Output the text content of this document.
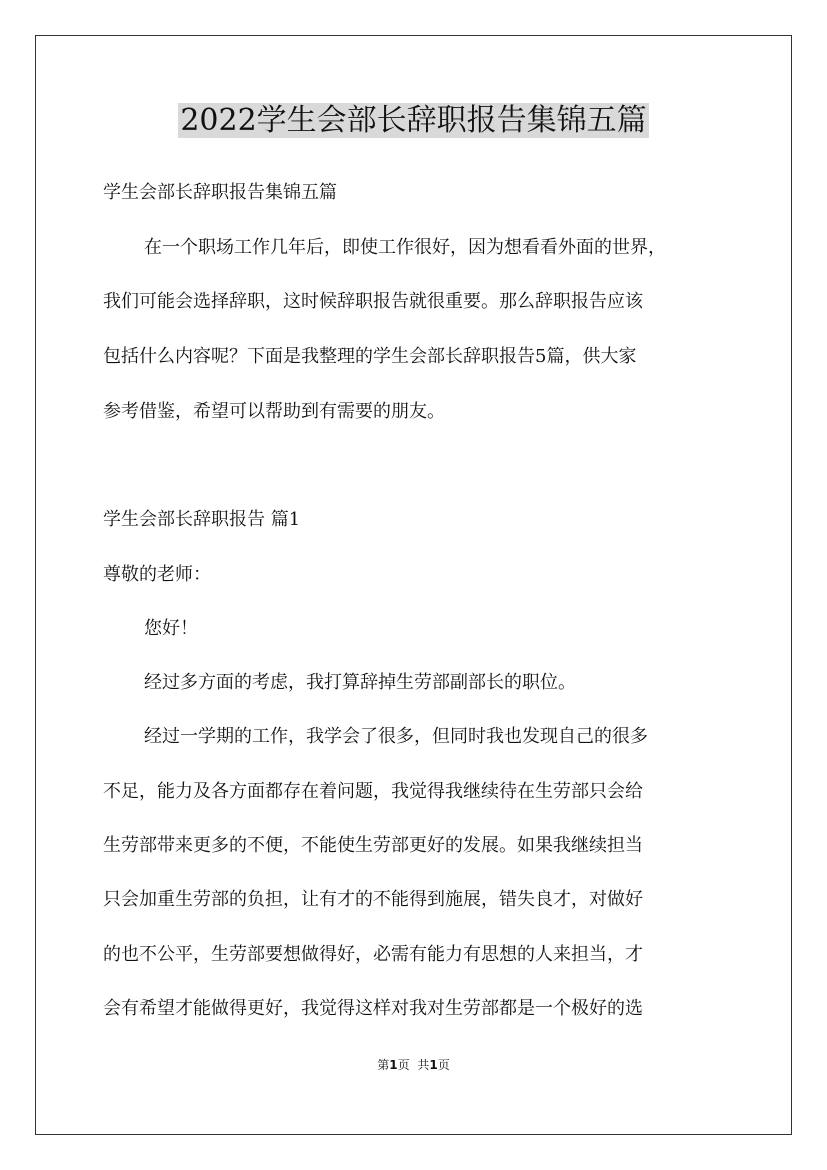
2022学生会部长辞职报告集锦五篇
学生会部长辞职报告集锦五篇
在一个职场工作几年后，即使工作很好，因为想看看外面的世界，
我们可能会选择辞职，这时候辞职报告就很重要。那么辞职报告应该
包括什么内容呢？下面是我整理的学生会部长辞职报告5篇，供大家
参考借鉴，希望可以帮助到有需要的朋友。
学生会部长辞职报告 篇1
尊敬的老师：
您好！
经过多方面的考虑，我打算辞掉生劳部副部长的职位。
经过一学期的工作，我学会了很多，但同时我也发现自己的很多
不足，能力及各方面都存在着问题，我觉得我继续待在生劳部只会给
生劳部带来更多的不便，不能使生劳部更好的发展。如果我继续担当
只会加重生劳部的负担，让有才的不能得到施展，错失良才，对做好
的也不公平，生劳部要想做得好，必需有能力有思想的人来担当，才
会有希望才能做得更好，我觉得这样对我对生劳部都是一个极好的选
第1页 共1页
